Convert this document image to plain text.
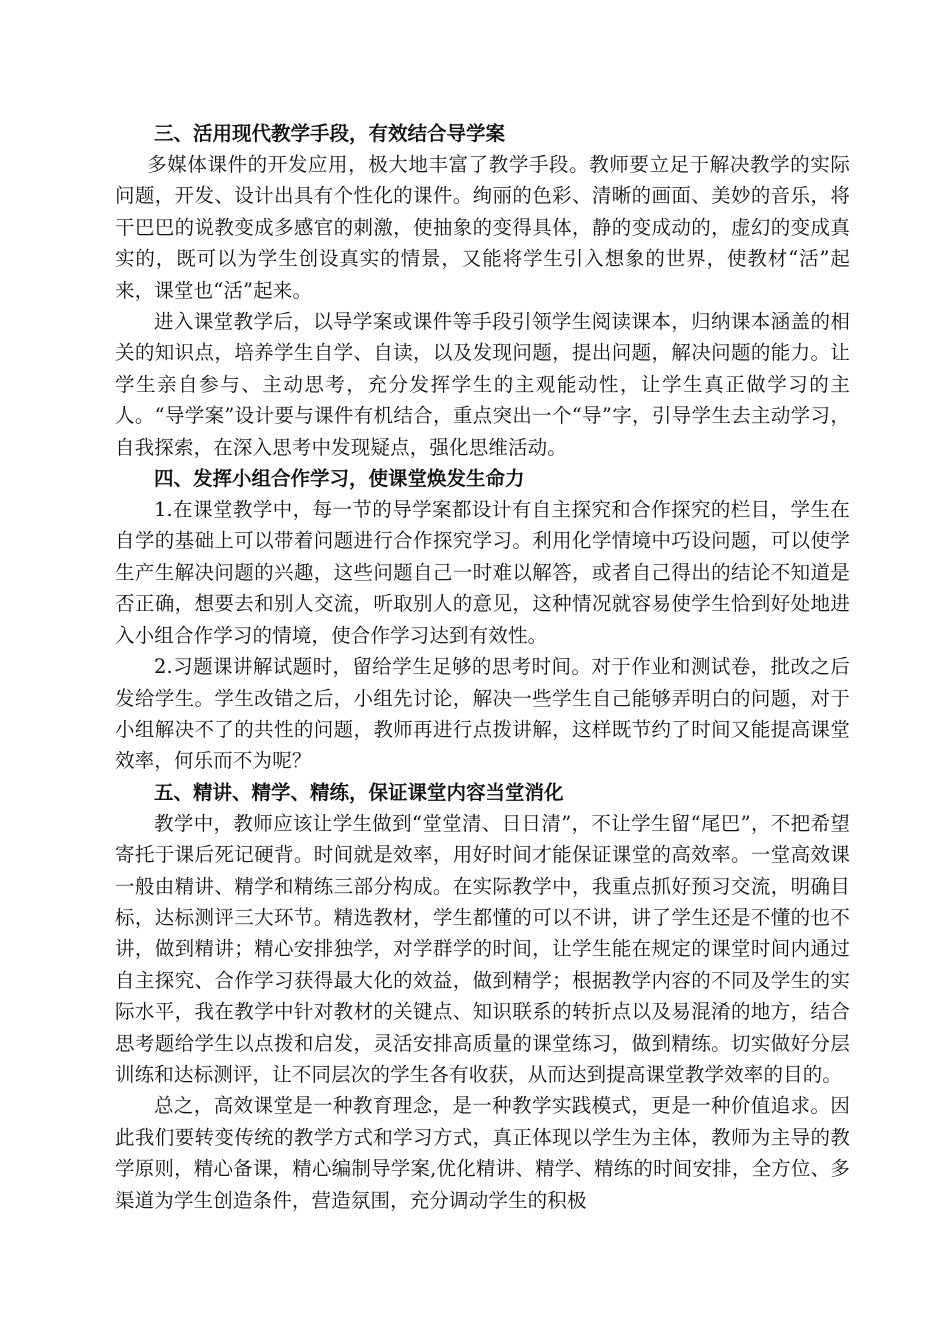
三、活用现代教学手段，有效结合导学案

多媒体课件的开发应用，极大地丰富了教学手段。教师要立足于解决教学的实际问题，开发、设计出具有个性化的课件。绚丽的色彩、清晰的画面、美妙的音乐，将干巴巴的说教变成多感官的刺激，使抽象的变得具体，静的变成动的，虚幻的变成真实的，既可以为学生创设真实的情景，又能将学生引入想象的世界，使教材“活”起来，课堂也“活”起来。

进入课堂教学后，以导学案或课件等手段引领学生阅读课本，归纳课本涵盖的相关的知识点，培养学生自学、自读，以及发现问题，提出问题，解决问题的能力。让学生亲自参与、主动思考，充分发挥学生的主观能动性，让学生真正做学习的主人。“导学案”设计要与课件有机结合，重点突出一个“导”字，引导学生去主动学习，自我探索，在深入思考中发现疑点，强化思维活动。

四、发挥小组合作学习，使课堂焕发生命力

1.在课堂教学中，每一节的导学案都设计有自主探究和合作探究的栏目，学生在自学的基础上可以带着问题进行合作探究学习。利用化学情境中巧设问题，可以使学生产生解决问题的兴趣，这些问题自己一时难以解答，或者自己得出的结论不知道是否正确，想要去和别人交流，听取别人的意见，这种情况就容易使学生恰到好处地进入小组合作学习的情境，使合作学习达到有效性。

2.习题课讲解试题时，留给学生足够的思考时间。对于作业和测试卷，批改之后发给学生。学生改错之后，小组先讨论，解决一些学生自己能够弄明白的问题，对于小组解决不了的共性的问题，教师再进行点拨讲解，这样既节约了时间又能提高课堂效率，何乐而不为呢？

五、精讲、精学、精练，保证课堂内容当堂消化

教学中，教师应该让学生做到“堂堂清、日日清”，不让学生留“尾巴”，不把希望寄托于课后死记硬背。时间就是效率，用好时间才能保证课堂的高效率。一堂高效课一般由精讲、精学和精练三部分构成。在实际教学中，我重点抓好预习交流，明确目标，达标测评三大环节。精选教材，学生都懂的可以不讲，讲了学生还是不懂的也不讲，做到精讲；精心安排独学，对学群学的时间，让学生能在规定的课堂时间内通过自主探究、合作学习获得最大化的效益，做到精学；根据教学内容的不同及学生的实际水平，我在教学中针对教材的关键点、知识联系的转折点以及易混淆的地方，结合思考题给学生以点拨和启发，灵活安排高质量的课堂练习，做到精练。切实做好分层训练和达标测评，让不同层次的学生各有收获，从而达到提高课堂教学效率的目的。

总之，高效课堂是一种教育理念，是一种教学实践模式，更是一种价值追求。因此我们要转变传统的教学方式和学习方式，真正体现以学生为主体，教师为主导的教学原则，精心备课，精心编制导学案,优化精讲、精学、精练的时间安排，全方位、多渠道为学生创造条件，营造氛围，充分调动学生的积极
